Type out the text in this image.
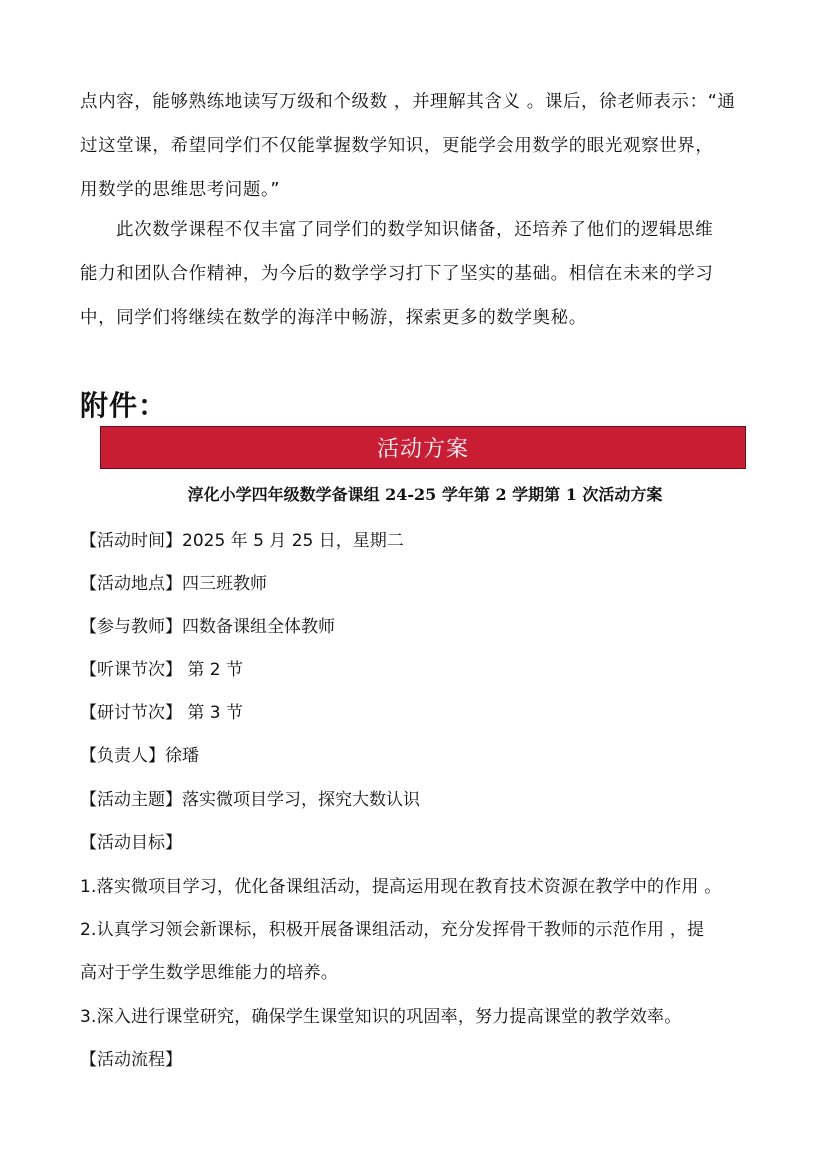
点内容，能够熟练地读写万级和个级数 ，并理解其含义 。课后，徐老师表示：“通
过这堂课，希望同学们不仅能掌握数学知识，更能学会用数学的眼光观察世界，
用数学的思维思考问题。”
此次数学课程不仅丰富了同学们的数学知识储备，还培养了他们的逻辑思维
能力和团队合作精神，为今后的数学学习打下了坚实的基础。相信在未来的学习
中，同学们将继续在数学的海洋中畅游，探索更多的数学奥秘。
附件：
活动方案

淳化小学四年级数学备课组 24-25 学年第 2 学期第 1 次活动方案

【活动时间】2025 年 5 月 25 日，星期二

【活动地点】四三班教师

【参与教师】四数备课组全体教师

【听课节次】 第 2 节

【研讨节次】 第 3 节

【负责人】徐璠

【活动主题】落实微项目学习，探究大数认识

【活动目标】

1.落实微项目学习，优化备课组活动，提高运用现在教育技术资源在教学中的作用 。

2.认真学习领会新课标，积极开展备课组活动，充分发挥骨干教师的示范作用 ，提

高对于学生数学思维能力的培养。

3.深入进行课堂研究，确保学生课堂知识的巩固率，努力提高课堂的教学效率。

【活动流程】
